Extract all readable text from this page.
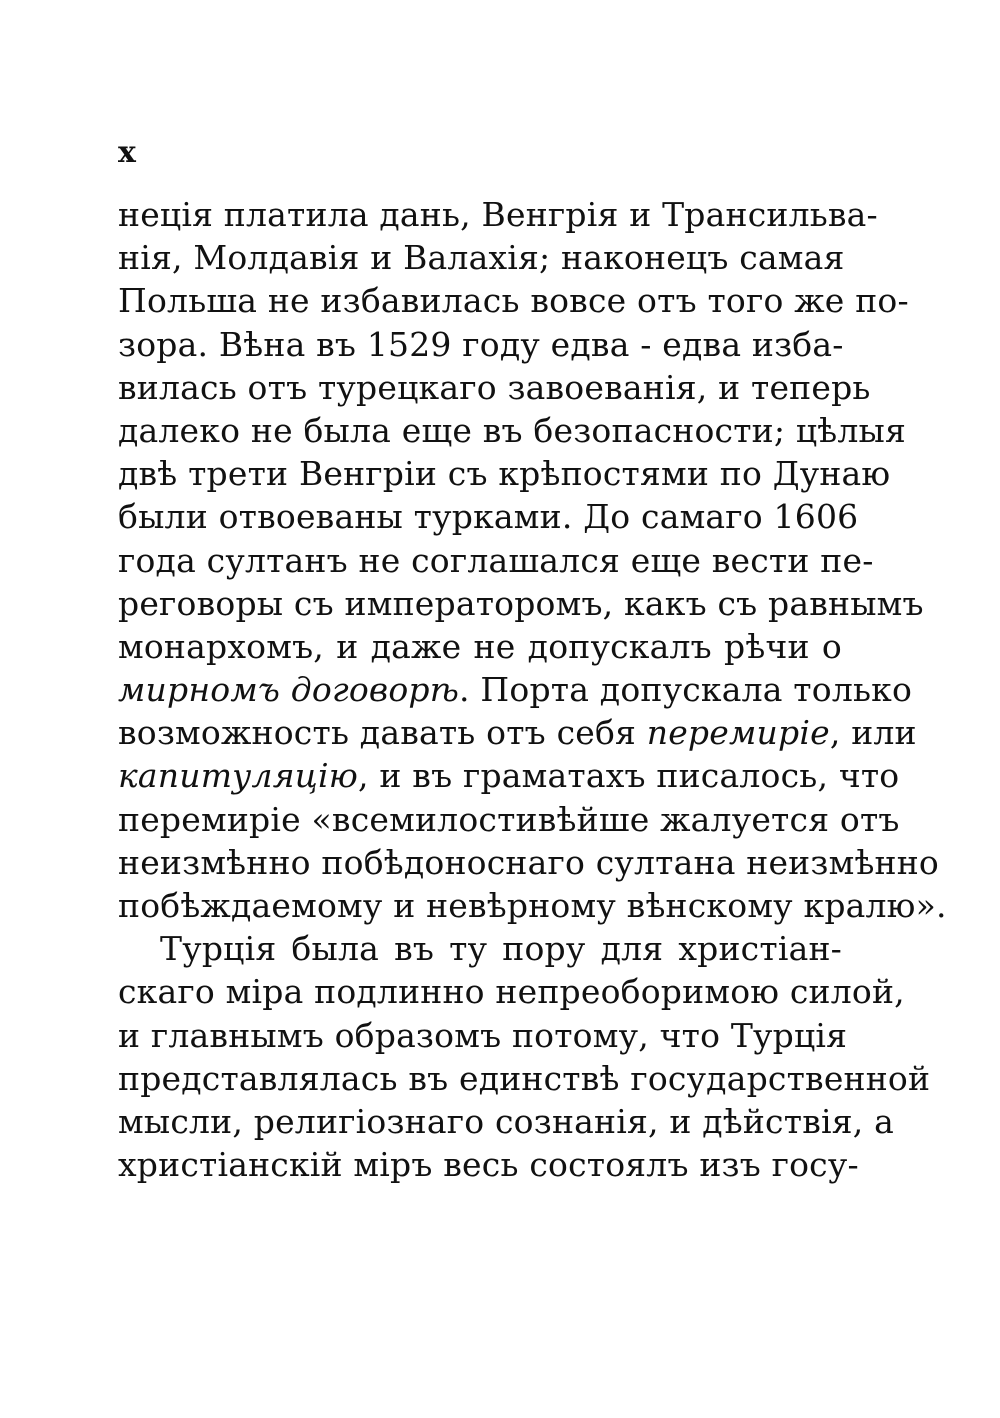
x
нецiя платила дань, Венгрiя и Трансильва-
нiя, Молдавiя и Валахiя; наконецъ самая
Польша не избавилась вовсе отъ того же по-
зора. Вѣна въ 1529 году едва - едва изба-
вилась отъ турецкаго завоеванiя, и теперь
далеко не была еще въ безопасности; цѣлыя
двѣ трети Венгрiи съ крѣпостями по Дунаю
были отвоеваны турками. До самаго 1606
года султанъ не соглашался еще вести пе-
реговоры съ императоромъ, какъ съ равнымъ
монархомъ, и даже не допускалъ рѣчи о
мирномъ договорѣ. Порта допускала только
возможность давать отъ себя перемирiе, или
капитуляцiю, и въ граматахъ писалось, что
перемирiе «всемилостивѣйше жалуется отъ
неизмѣнно побѣдоноснаго султана неизмѣнно
побѣждаемому и невѣрному вѣнскому кралю».
Турцiя была въ ту пору для христiан-
скаго мiра подлинно непреоборимою силой,
и главнымъ образомъ потому, что Турцiя
представлялась въ единствѣ государственной
мысли, религiознаго сознанiя, и дѣйствiя, а
христiанскiй мiръ весь состоялъ изъ госу-
